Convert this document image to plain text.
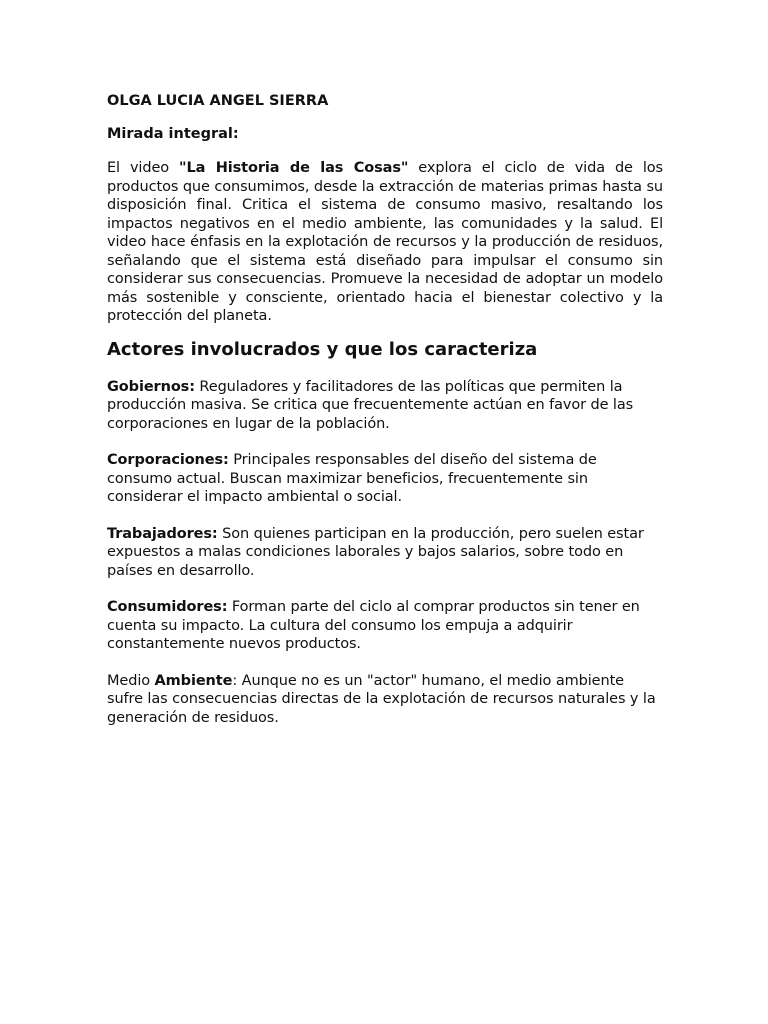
OLGA LUCIA ANGEL SIERRA
Mirada integral:

El video "La Historia de las Cosas" explora el ciclo de vida de los productos que consumimos, desde la extracción de materias primas hasta su disposición final. Critica el sistema de consumo masivo, resaltando los impactos negativos en el medio ambiente, las comunidades y la salud. El video hace énfasis en la explotación de recursos y la producción de residuos, señalando que el sistema está diseñado para impulsar el consumo sin considerar sus consecuencias. Promueve la necesidad de adoptar un modelo más sostenible y consciente, orientado hacia el bienestar colectivo y la protección del planeta.

Actores involucrados y que los caracteriza

Gobiernos: Reguladores y facilitadores de las políticas que permiten la producción masiva. Se critica que frecuentemente actúan en favor de las corporaciones en lugar de la población.

Corporaciones: Principales responsables del diseño del sistema de consumo actual. Buscan maximizar beneficios, frecuentemente sin considerar el impacto ambiental o social.

Trabajadores: Son quienes participan en la producción, pero suelen estar expuestos a malas condiciones laborales y bajos salarios, sobre todo en países en desarrollo.

Consumidores: Forman parte del ciclo al comprar productos sin tener en cuenta su impacto. La cultura del consumo los empuja a adquirir constantemente nuevos productos.

Medio Ambiente: Aunque no es un "actor" humano, el medio ambiente sufre las consecuencias directas de la explotación de recursos naturales y la generación de residuos.
